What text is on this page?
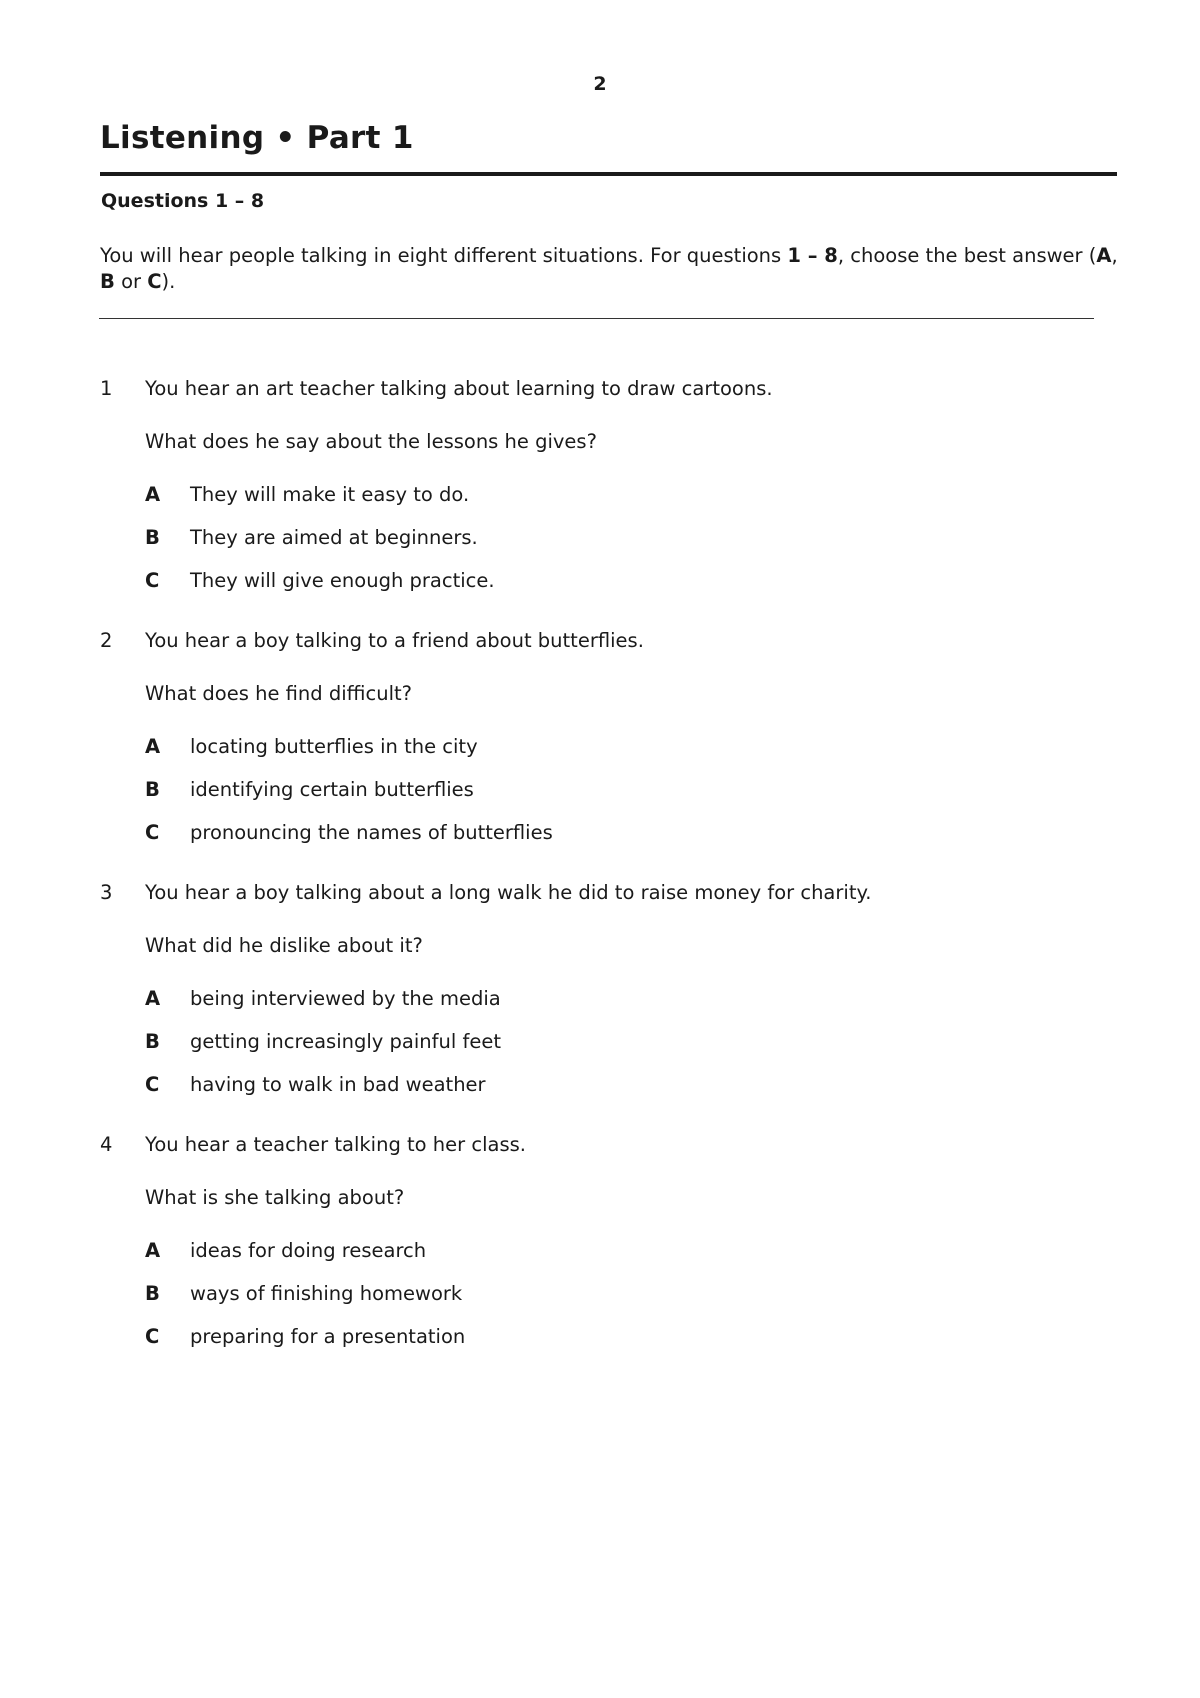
2
Listening • Part 1
Questions 1 – 8
You will hear people talking in eight different situations. For questions 1 – 8, choose the best answer (A, B or C).
1	You hear an art teacher talking about learning to draw cartoons.
What does he say about the lessons he gives?
A	They will make it easy to do.
B	They are aimed at beginners.
C	They will give enough practice.
2	You hear a boy talking to a friend about butterflies.
What does he find difficult?
A	locating butterflies in the city
B	identifying certain butterflies
C	pronouncing the names of butterflies
3	You hear a boy talking about a long walk he did to raise money for charity.
What did he dislike about it?
A	being interviewed by the media
B	getting increasingly painful feet
C	having to walk in bad weather
4	You hear a teacher talking to her class.
What is she talking about?
A	ideas for doing research
B	ways of finishing homework
C	preparing for a presentation
